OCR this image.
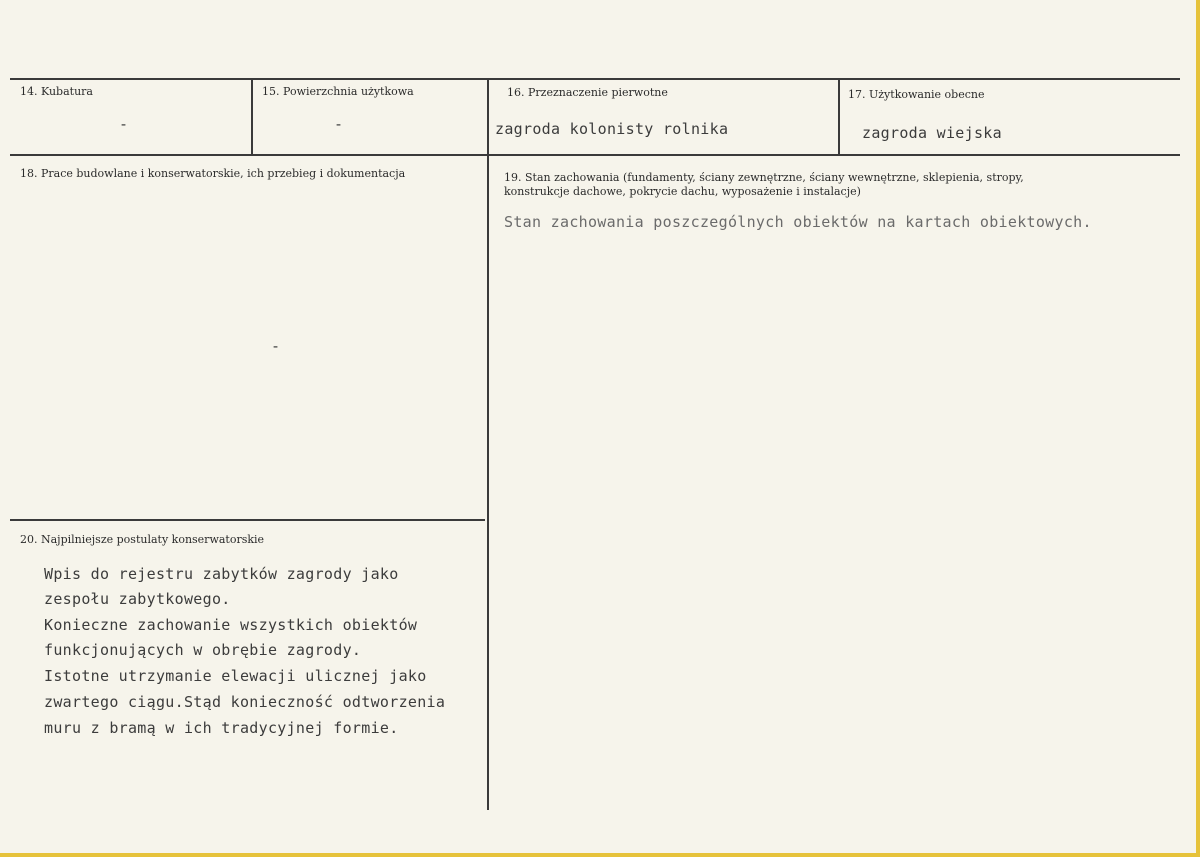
14. Kubatura
-
15. Powierzchnia użytkowa
-
16. Przeznaczenie pierwotne
zagroda kolonisty rolnika
17. Użytkowanie obecne
zagroda wiejska
18. Prace budowlane i konserwatorskie, ich przebieg i dokumentacja
-
19. Stan zachowania (fundamenty, ściany zewnętrzne, ściany wewnętrzne, sklepienia, stropy,
konstrukcje dachowe, pokrycie dachu, wyposażenie i instalacje)
Stan zachowania poszczególnych obiektów na kartach obiektowych.
20. Najpilniejsze postulaty konserwatorskie
Wpis do rejestru zabytków zagrody jako
zespołu zabytkowego.
Konieczne zachowanie wszystkich obiektów
funkcjonujących w obrębie zagrody.
Istotne utrzymanie elewacji ulicznej jako
zwartego ciągu.Stąd konieczność odtworzenia
muru z bramą w ich tradycyjnej formie.
